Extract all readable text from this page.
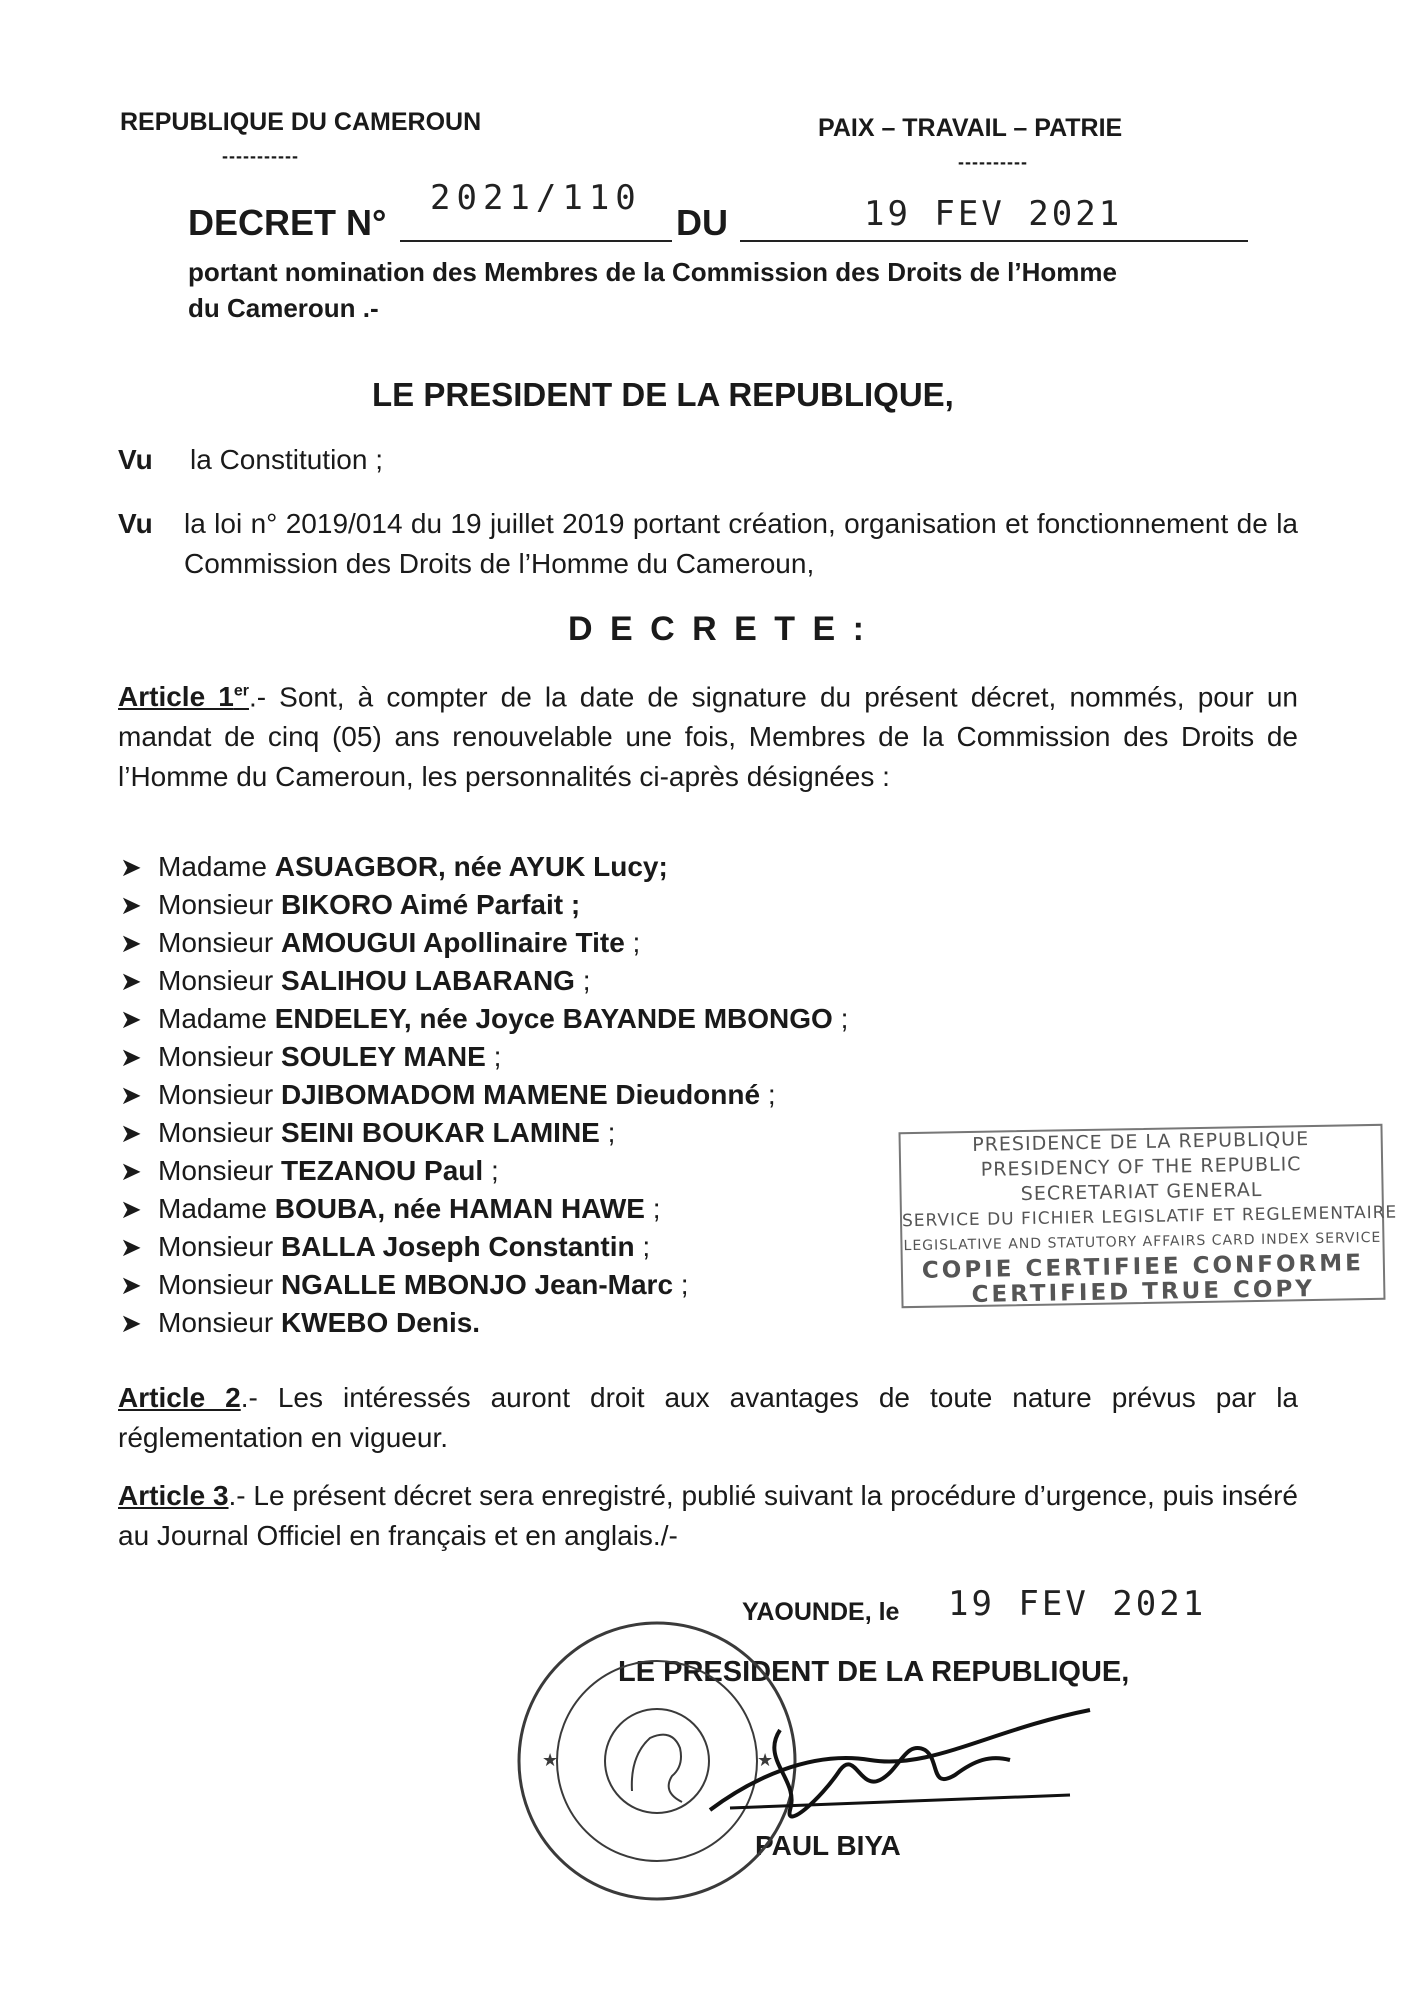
REPUBLIQUE DU CAMEROUN
-----------
PAIX – TRAVAIL – PATRIE
----------
DECRET N°
2021/110
DU	19 FEV 2021
portant nomination des Membres de la Commission des Droits de l’Homme
du Cameroun .-
LE PRESIDENT DE LA REPUBLIQUE,
Vu la Constitution ;
Vu	la loi n° 2019/014 du 19 juillet 2019 portant création, organisation et fonctionnement de la Commission des Droits de l’Homme du Cameroun,
D E C R E T E :
Article 1er.- Sont, à compter de la date de signature du présent décret, nommés, pour un mandat de cinq (05) ans renouvelable une fois, Membres de la Commission des Droits de l’Homme du Cameroun, les personnalités ci-après désignées :
➤ Madame ASUAGBOR, née AYUK Lucy;
➤ Monsieur BIKORO Aimé Parfait ;
➤ Monsieur AMOUGUI Apollinaire Tite ;
➤ Monsieur SALIHOU LABARANG ;
➤ Madame ENDELEY, née Joyce BAYANDE MBONGO ;
➤ Monsieur SOULEY MANE ;
➤ Monsieur DJIBOMADOM MAMENE Dieudonné ;
➤ Monsieur SEINI BOUKAR LAMINE ;
➤ Monsieur TEZANOU Paul ;
➤ Madame BOUBA, née HAMAN HAWE ;
➤ Monsieur BALLA Joseph Constantin ;
➤ Monsieur NGALLE MBONJO Jean-Marc ;
➤ Monsieur KWEBO Denis.
PRESIDENCE DE LA REPUBLIQUE
PRESIDENCY OF THE REPUBLIC
SECRETARIAT GENERAL
SERVICE DU FICHIER LEGISLATIF ET REGLEMENTAIRE
LEGISLATIVE AND STATUTORY AFFAIRS CARD INDEX SERVICE
COPIE CERTIFIEE CONFORME
CERTIFIED TRUE COPY
Article 2.- Les intéressés auront droit aux avantages de toute nature prévus par la réglementation en vigueur.
Article 3.- Le présent décret sera enregistré, publié suivant la procédure d’urgence, puis inséré au Journal Officiel en français et en anglais./-
YAOUNDE, le 19 FEV 2021
LE PRESIDENT DE LA REPUBLIQUE,
PAUL BIYA
★	★
